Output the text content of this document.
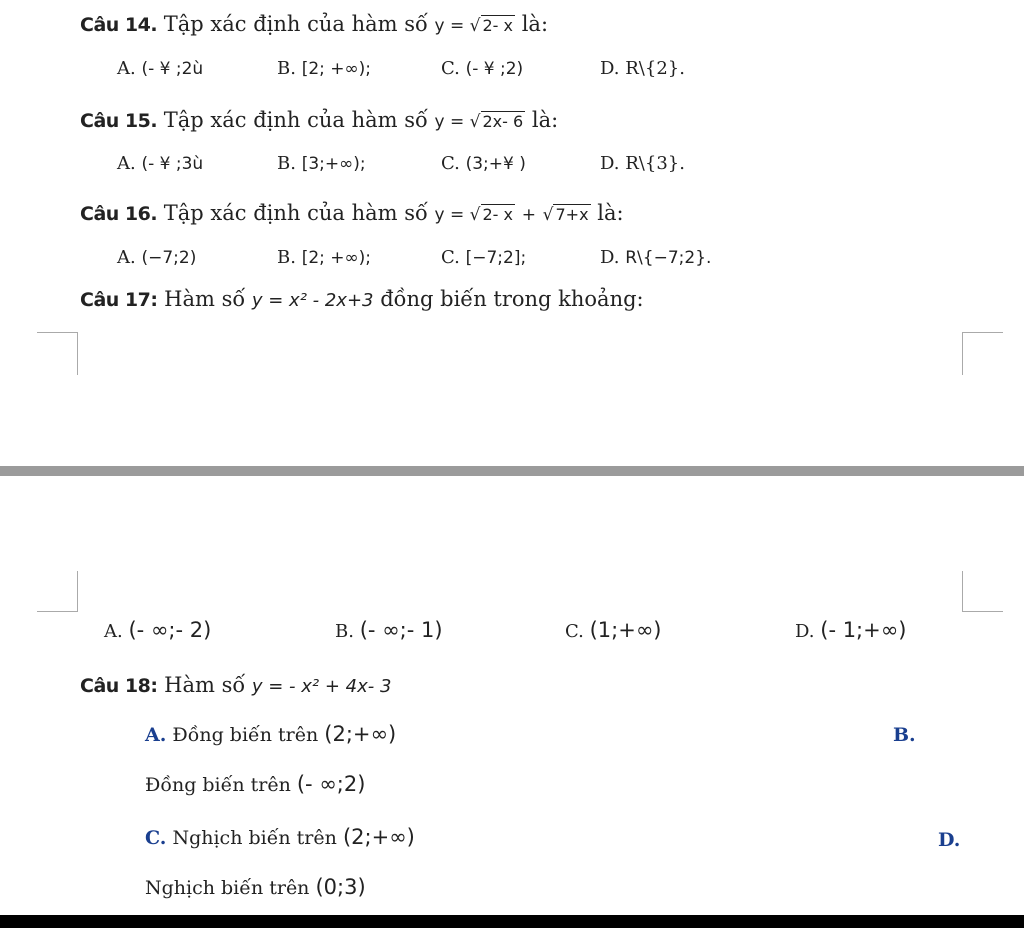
Câu 14. Tập xác định của hàm số y = √ 2- x là:
A. (- ¥ ;2ù	B. [2; +∞);	C. (- ¥ ;2)	D. R\{2}.
Câu 15. Tập xác định của hàm số y = √ 2x- 6 là:
A. (- ¥ ;3ù	B. [3;+∞);	C. (3;+¥ )	D. R\{3}.
Câu 16. Tập xác định của hàm số y = √ 2- x + √ 7+x là:
A. (−7;2)	B. [2; +∞);	C. [−7;2];	D. R\{−7;2}.
Câu 17: Hàm số y = x² - 2x+3 đồng biến trong khoảng:
A. (- ∞;- 2)	B. (- ∞;- 1)	C. (1;+∞)	D. (- 1;+∞)
Câu 18: Hàm số y = - x² + 4x- 3
A. Đồng biến trên (2;+∞)	B.
Đồng biến trên (- ∞;2)
C. Nghịch biến trên (2;+∞)	D.
Nghịch biến trên (0;3)
